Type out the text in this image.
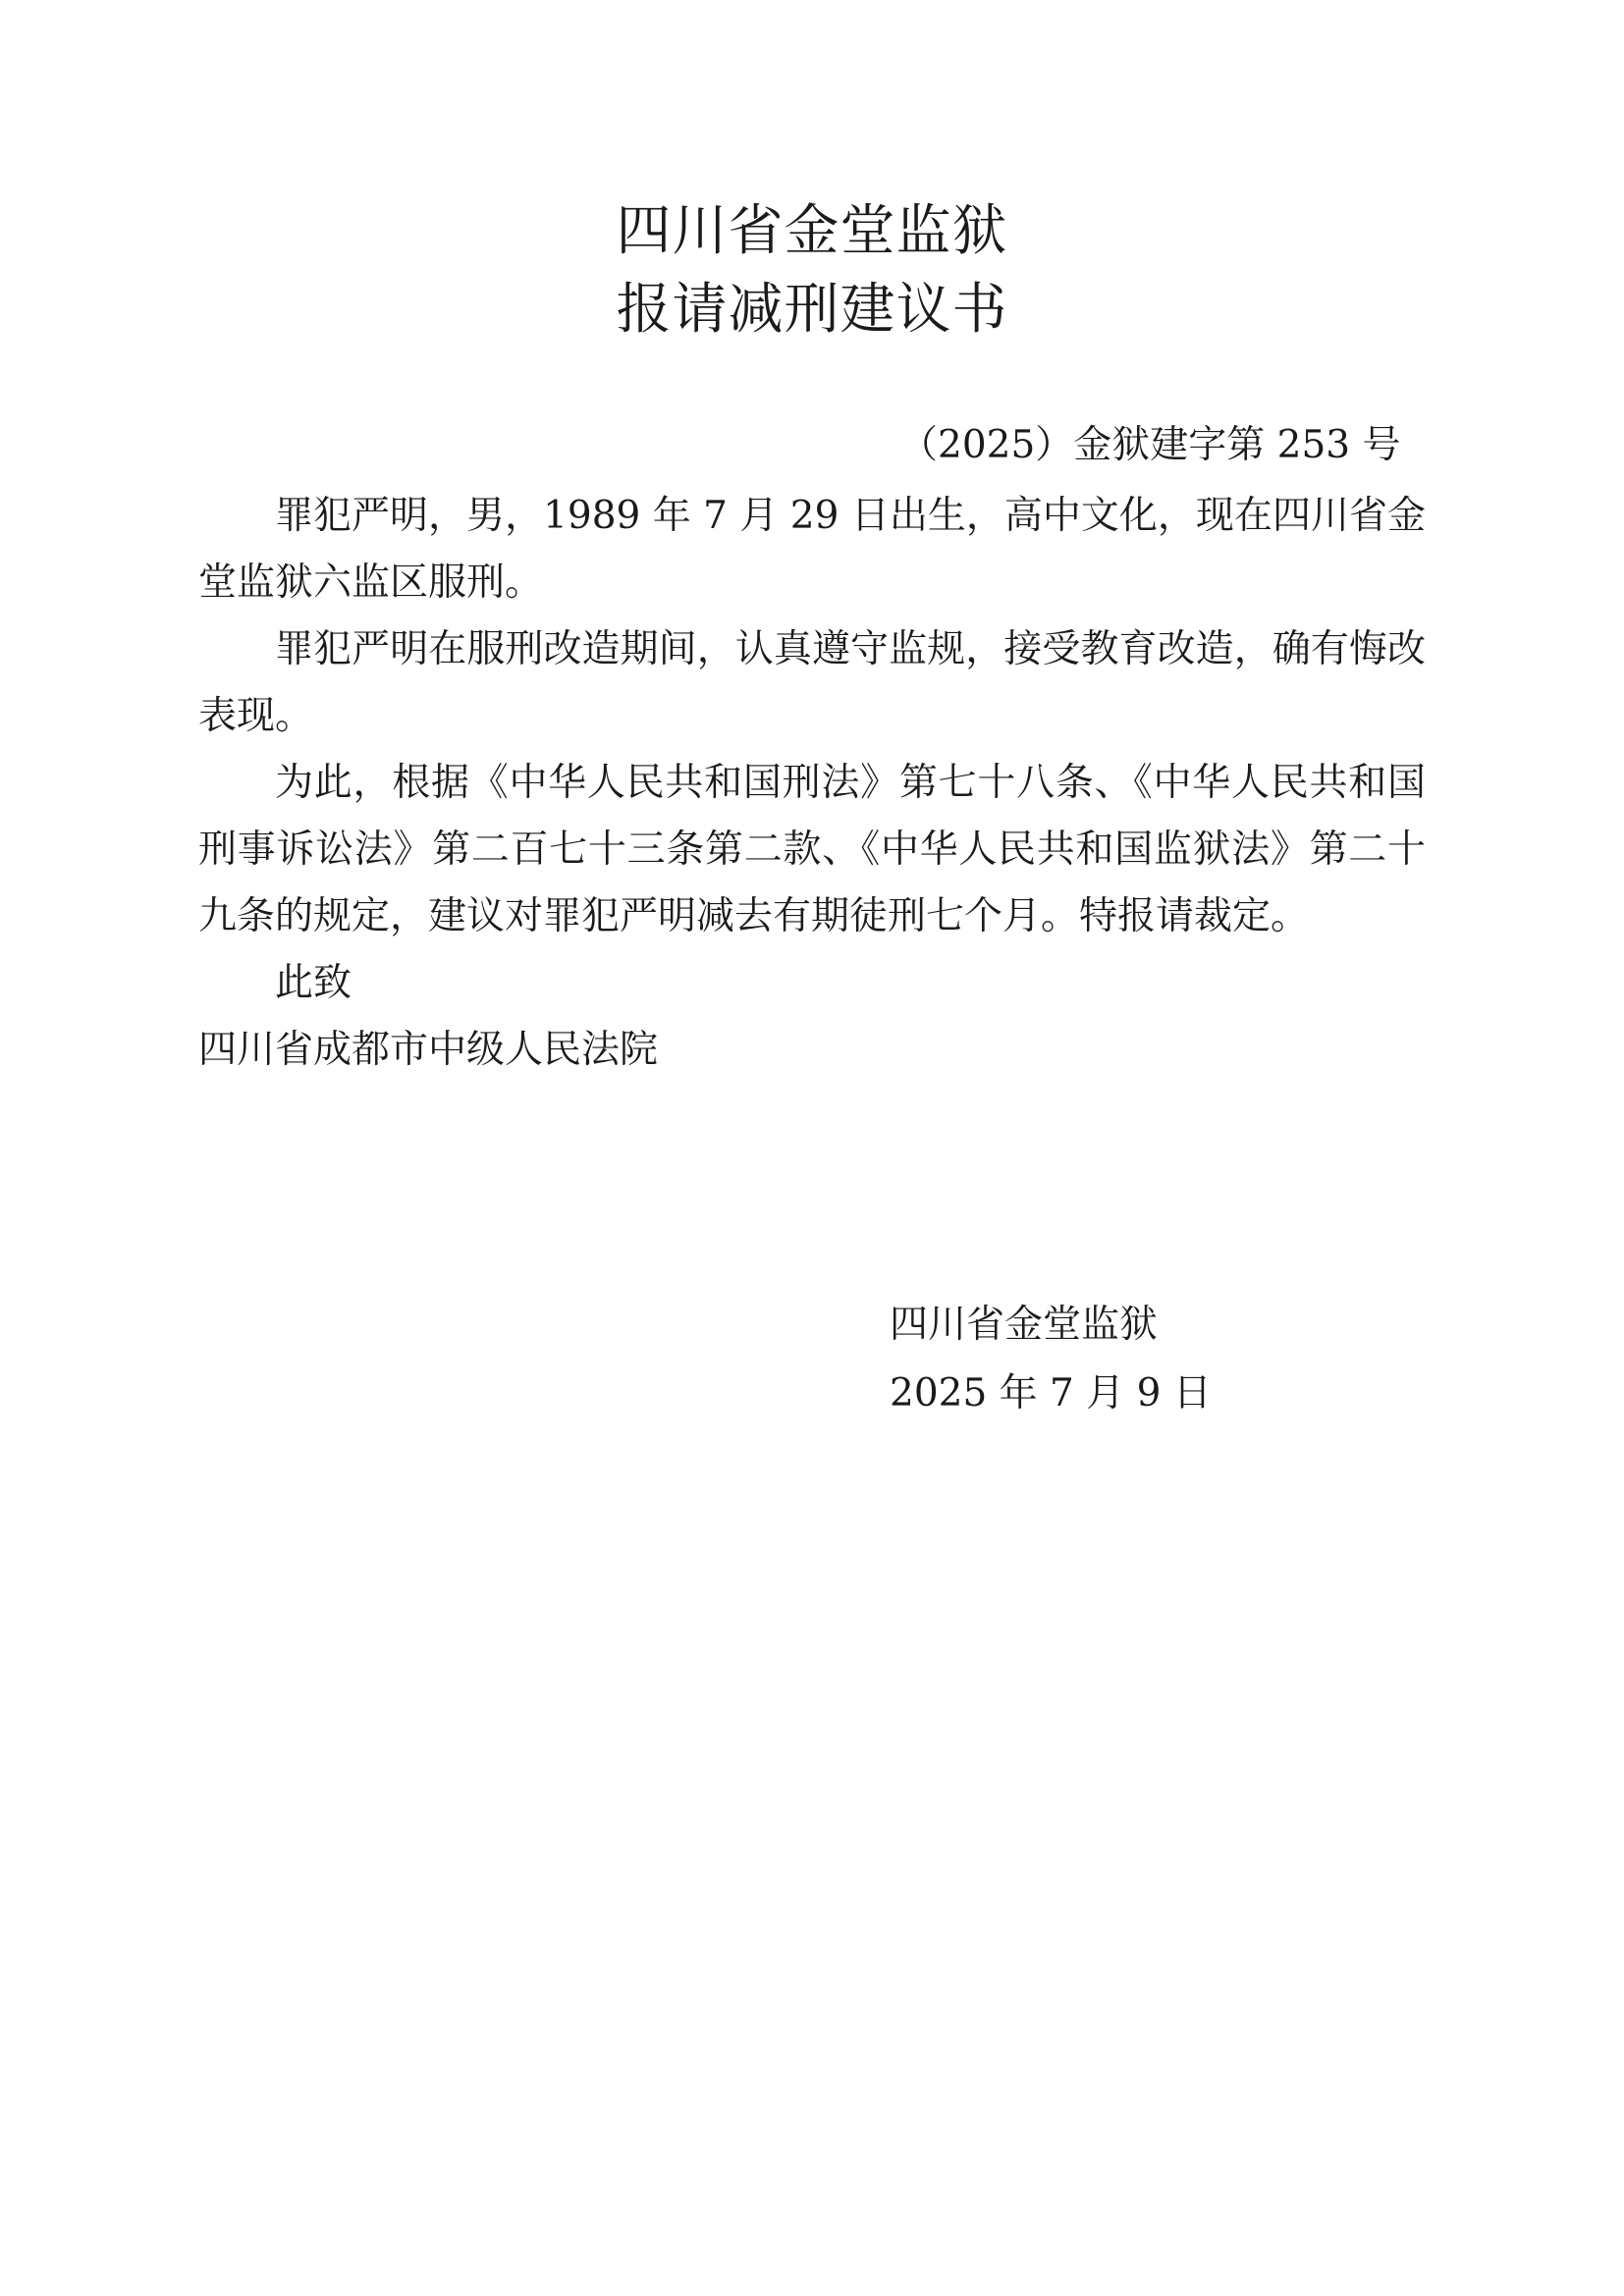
四川省金堂监狱
报请减刑建议书

（2025）金狱建字第 253 号

罪犯严明，男，1989 年 7 月 29 日出生，高中文化，现在四川省金堂监狱六监区服刑。

罪犯严明在服刑改造期间，认真遵守监规，接受教育改造，确有悔改表现。

为此，根据《中华人民共和国刑法》第七十八条、《中华人民共和国刑事诉讼法》第二百七十三条第二款、《中华人民共和国监狱法》第二十九条的规定，建议对罪犯严明减去有期徒刑七个月。特报请裁定。

此致

四川省成都市中级人民法院

四川省金堂监狱
2025 年 7 月 9 日
